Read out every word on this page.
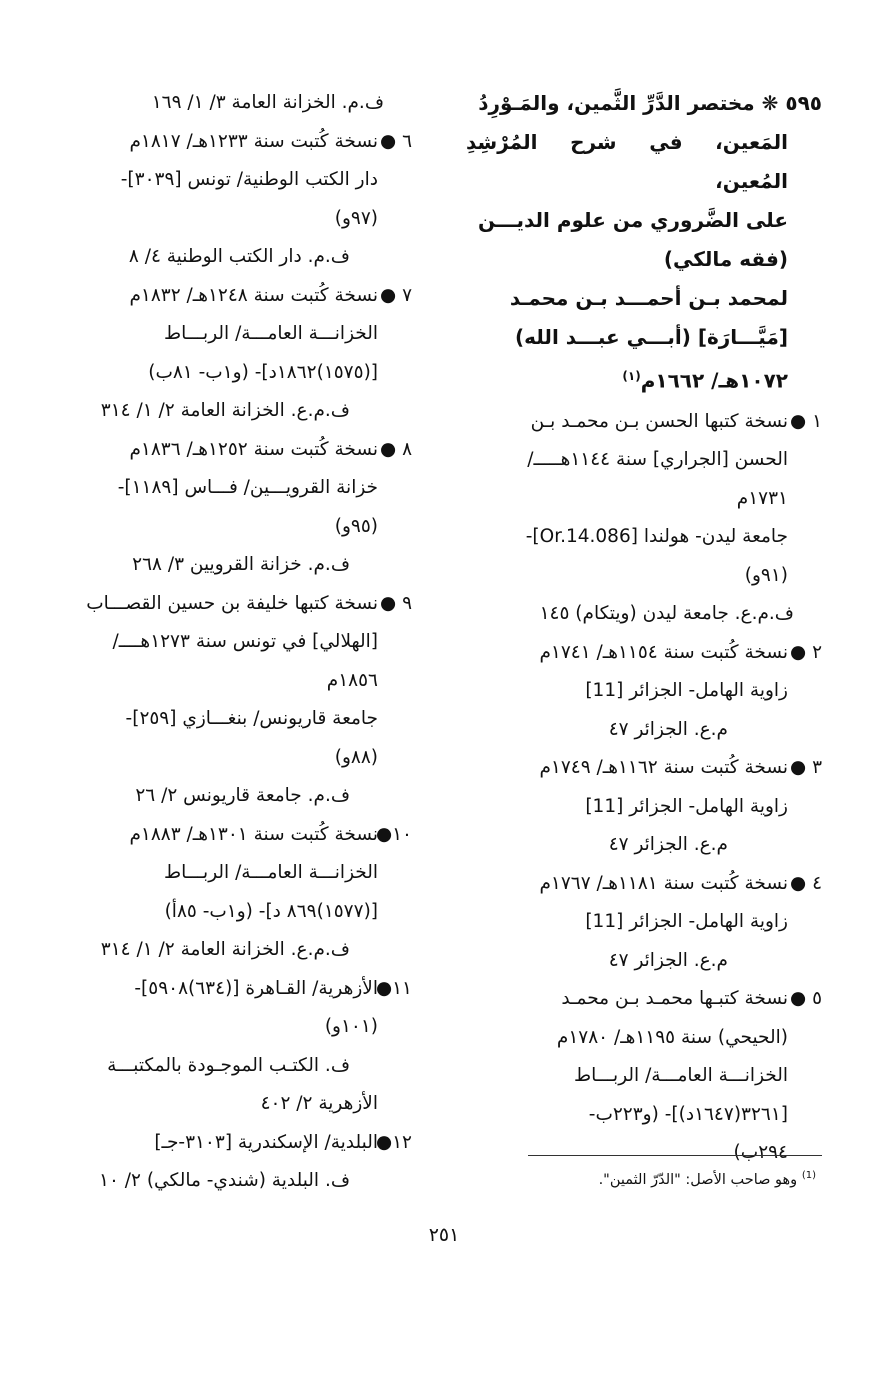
٥٩٥ ❋ مختصر الدَّرِّ الثَّمين، والمَـوْرِدُ
المَعين، في شرح المُرْشِدِ المُعين،
على الضَّروري من علوم الديـــن
(فقه مالكي)
لمحمد بـن أحمـــد بـن محمـد
[مَيَّـــارَة] (أبـــي عبـــد الله)
١٠٧٢هـ/ ١٦٦٢م$^{(١)}$
١ ●
نسخة كتبها الحسن بـن محمـد بـن
الحسن [الجراري] سنة ١١٤٤هـــــ/
١٧٣١م
جامعة ليدن- هولندا [Or.14.086]-
(٩١و)
ف.م.ع. جامعة ليدن (ويتكام) ١٤٥
٢ ●
نسخة كُتبت سنة ١١٥٤هـ/ ١٧٤١م
زاوية الهامل- الجزائر [11]
م.ع. الجزائر ٤٧
٣ ●
نسخة كُتبت سنة ١١٦٢هـ/ ١٧٤٩م
زاوية الهامل- الجزائر [11]
م.ع. الجزائر ٤٧
٤ ●
نسخة كُتبت سنة ١١٨١هـ/ ١٧٦٧م
زاوية الهامل- الجزائر [11]
م.ع. الجزائر ٤٧
٥ ●
نسخة كتبـها محمـد بـن محمـد
(الحيحي) سنة ١١٩٥هـ/ ١٧٨٠م
الخزانـــة العامـــة/ الربـــاط
[٣٢٦١(١٦٤٧د)]- (و٢٢٣ب-
٢٩٤ب)
ف.م. الخزانة العامة ٣/ ١/ ١٦٩
٦ ●
نسخة كُتبت سنة ١٢٣٣هـ/ ١٨١٧م
دار الكتب الوطنية/ تونس [٣٠٣٩]-
(٩٧و)
ف.م. دار الكتب الوطنية ٤/ ٨
٧ ●
نسخة كُتبت سنة ١٢٤٨هـ/ ١٨٣٢م
الخزانـــة العامـــة/ الربـــاط
[(١٥٧٥)١٨٦٢د]- (و١ب- ٨١ب)
ف.م.ع. الخزانة العامة ٢/ ١/ ٣١٤
٨ ●
نسخة كُتبت سنة ١٢٥٢هـ/ ١٨٣٦م
خزانة القرويـــين/ فـــاس [١١٨٩]-
(٩٥و)
ف.م. خزانة القرويين ٣/ ٢٦٨
٩ ●
نسخة كتبها خليفة بن حسين القصـــاب
[الهلالي] في تونس سنة ١٢٧٣هــــ/
١٨٥٦م
جامعة قاريونس/ بنغـــازي [٢٥٩]-
(٨٨و)
ف.م. جامعة قاريونس ٢/ ٢٦
١٠●
نسخة كُتبت سنة ١٣٠١هـ/ ١٨٨٣م
الخزانـــة العامـــة/ الربـــاط
[(١٥٧٧)٨٦٩ د]- (و١ب- ٨٥أ)
ف.م.ع. الخزانة العامة ٢/ ١/ ٣١٤
١١●
الأزهرية/ القـاهرة [(٦٣٤)٥٩٠٨]-
(١٠١و)
ف. الكتـب الموجـودة بالمكتبـــة
الأزهرية ٢/ ٤٠٢
١٢●
البلدية/ الإسكندرية [٣١٠٣-جـ]
ف. البلدية (شندي- مالكي) ٢/ ١٠	$^{(1)}$ وهو صاحب الأصل: "الدّرّ الثمين".
٢٥١
